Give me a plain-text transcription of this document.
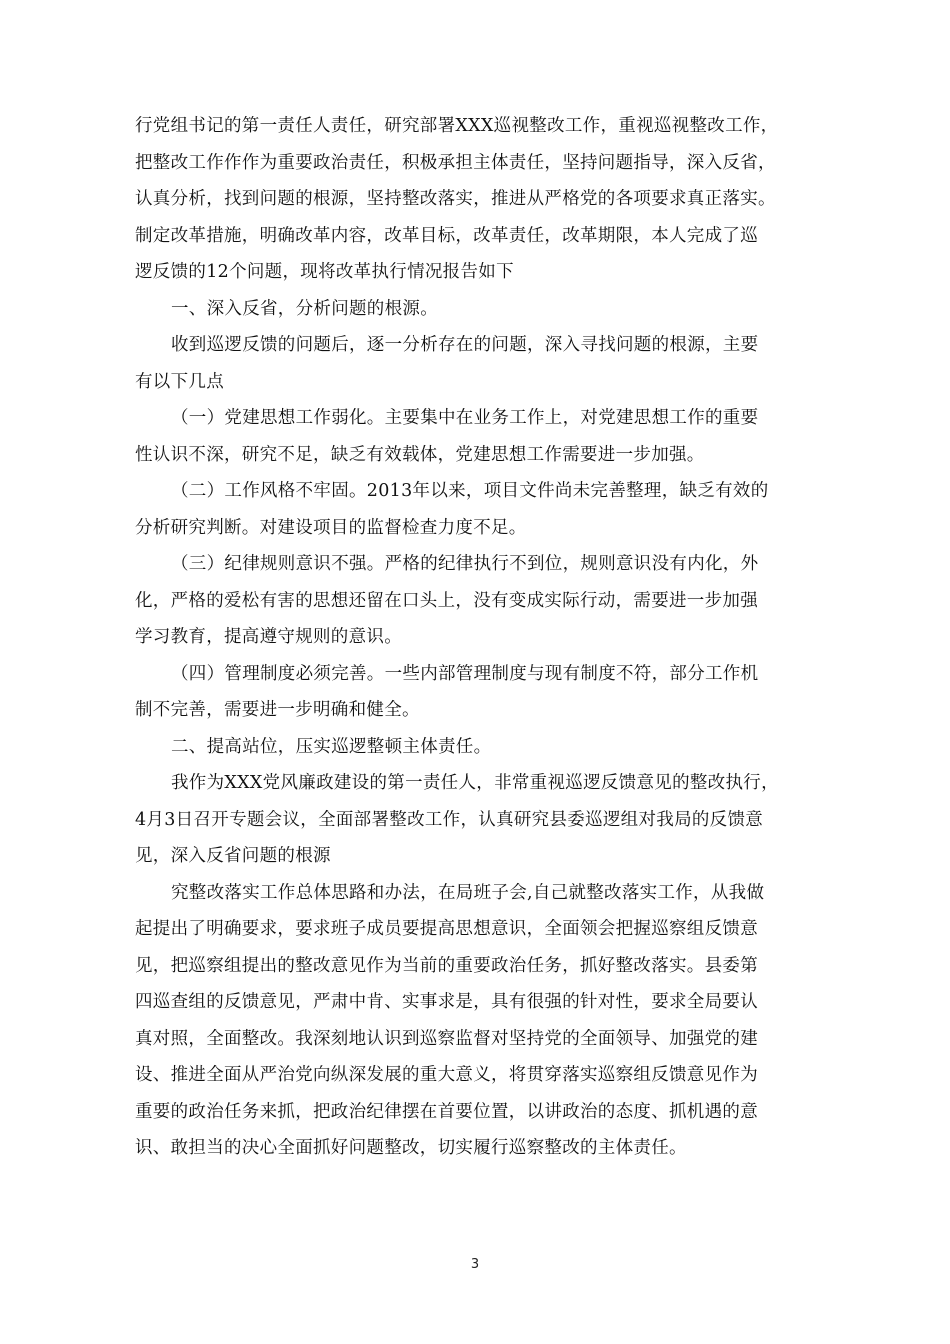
行党组书记的第一责任人责任，研究部署XXX巡视整改工作，重视巡视整改工作，

把整改工作作作为重要政治责任，积极承担主体责任，坚持问题指导，深入反省，

认真分析，找到问题的根源，坚持整改落实，推进从严格党的各项要求真正落实。

制定改革措施，明确改革内容，改革目标，改革责任，改革期限，本人完成了巡

逻反馈的12个问题，现将改革执行情况报告如下

一、深入反省，分析问题的根源。

收到巡逻反馈的问题后，逐一分析存在的问题，深入寻找问题的根源，主要

有以下几点

（一）党建思想工作弱化。主要集中在业务工作上，对党建思想工作的重要

性认识不深，研究不足，缺乏有效载体，党建思想工作需要进一步加强。

（二）工作风格不牢固。2013年以来，项目文件尚未完善整理，缺乏有效的

分析研究判断。对建设项目的监督检查力度不足。

（三）纪律规则意识不强。严格的纪律执行不到位，规则意识没有内化，外

化，严格的爱松有害的思想还留在口头上，没有变成实际行动，需要进一步加强

学习教育，提高遵守规则的意识。

（四）管理制度必须完善。一些内部管理制度与现有制度不符，部分工作机

制不完善，需要进一步明确和健全。

二、提高站位，压实巡逻整顿主体责任。

我作为XXX党风廉政建设的第一责任人，非常重视巡逻反馈意见的整改执行，

4月3日召开专题会议，全面部署整改工作，认真研究县委巡逻组对我局的反馈意

见，深入反省问题的根源

究整改落实工作总体思路和办法，在局班子会,自己就整改落实工作，从我做

起提出了明确要求，要求班子成员要提高思想意识，全面领会把握巡察组反馈意

见，把巡察组提出的整改意见作为当前的重要政治任务，抓好整改落实。县委第

四巡查组的反馈意见，严肃中肯、实事求是，具有很强的针对性，要求全局要认

真对照，全面整改。我深刻地认识到巡察监督对坚持党的全面领导、加强党的建

设、推进全面从严治党向纵深发展的重大意义，将贯穿落实巡察组反馈意见作为

重要的政治任务来抓，把政治纪律摆在首要位置，以讲政治的态度、抓机遇的意

识、敢担当的决心全面抓好问题整改，切实履行巡察整改的主体责任。

3
